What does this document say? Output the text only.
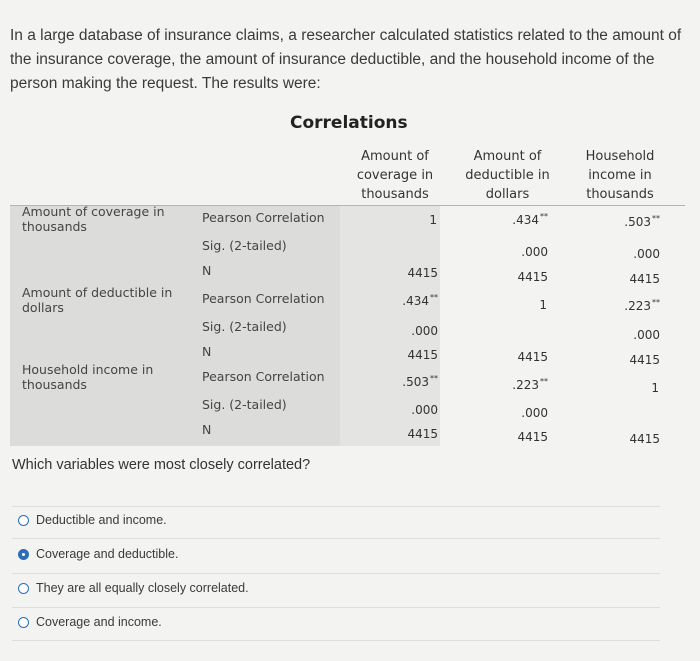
In a large database of insurance claims, a researcher calculated statistics related to the amount of the insurance coverage, the amount of insurance deductible, and the household income of the person making the request. The results were:
Correlations
Amount of
coverage in
thousands
Amount of
deductible in
dollars
Household
income in
thousands
Amount of coverage in
thousands
Pearson Correlation
Sig. (2-tailed)
N
Amount of deductible in
dollars
Pearson Correlation
Sig. (2-tailed)
N
Household income in
thousands
Pearson Correlation
Sig. (2-tailed)
N
1
4415
.434**
.000
4415
.503**
.000
4415
.434**
.000
4415
1
4415
.223**
.000
4415
.503**
.000
4415
.223**
.000
4415
1
4415
Which variables were most closely correlated?
Deductible and income.
Coverage and deductible.
They are all equally closely correlated.
Coverage and income.
